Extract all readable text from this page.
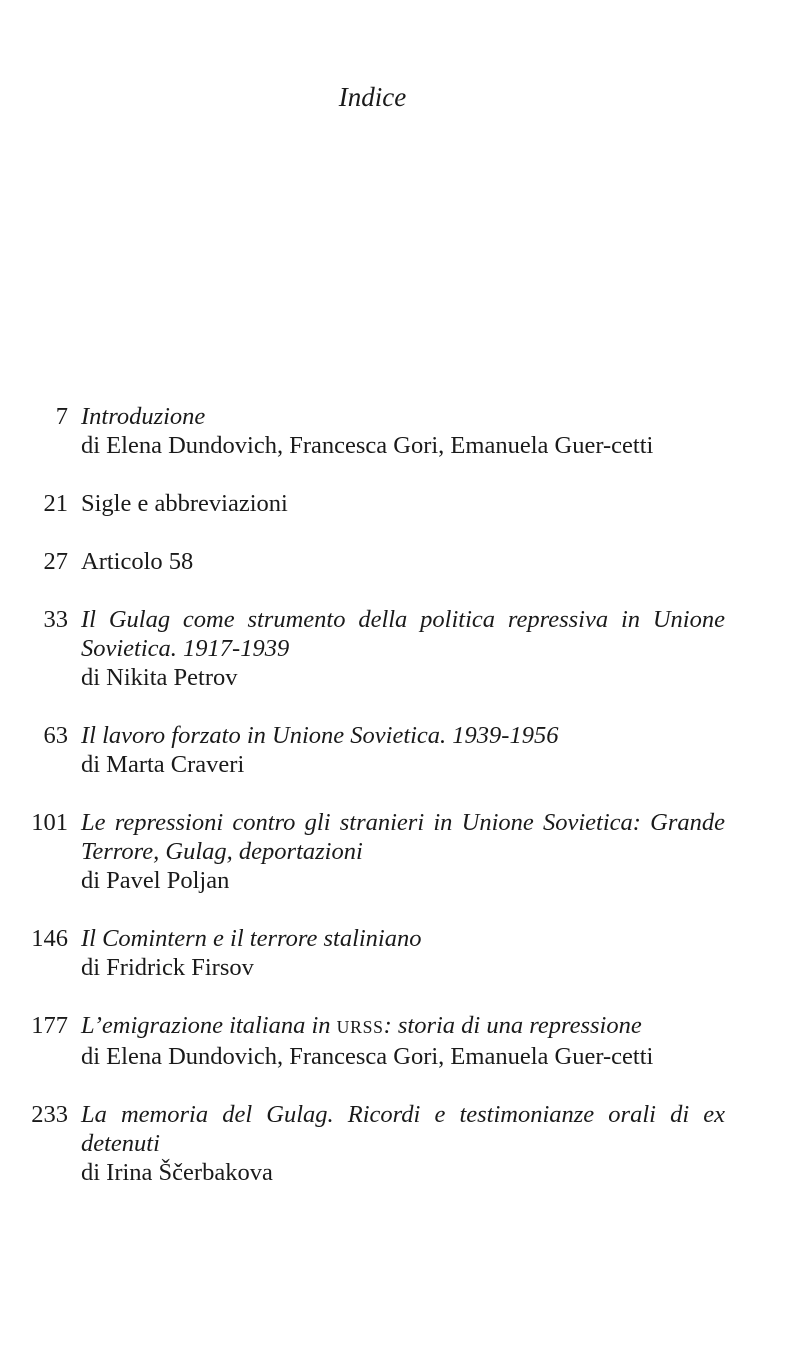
Indice
7 Introduzione
di Elena Dundovich, Francesca Gori, Emanuela Guer-cetti
21 Sigle e abbreviazioni
27 Articolo 58
33 Il Gulag come strumento della politica repressiva in Unione Sovietica. 1917-1939
di Nikita Petrov
63 Il lavoro forzato in Unione Sovietica. 1939-1956
di Marta Craveri
101 Le repressioni contro gli stranieri in Unione Sovietica: Grande Terrore, Gulag, deportazioni
di Pavel Poljan
146 Il Comintern e il terrore staliniano
di Fridrick Firsov
177 L’emigrazione italiana in URSS: storia di una repressione
di Elena Dundovich, Francesca Gori, Emanuela Guer-cetti
233 La memoria del Gulag. Ricordi e testimonianze orali di ex detenuti
di Irina Ščerbakova
